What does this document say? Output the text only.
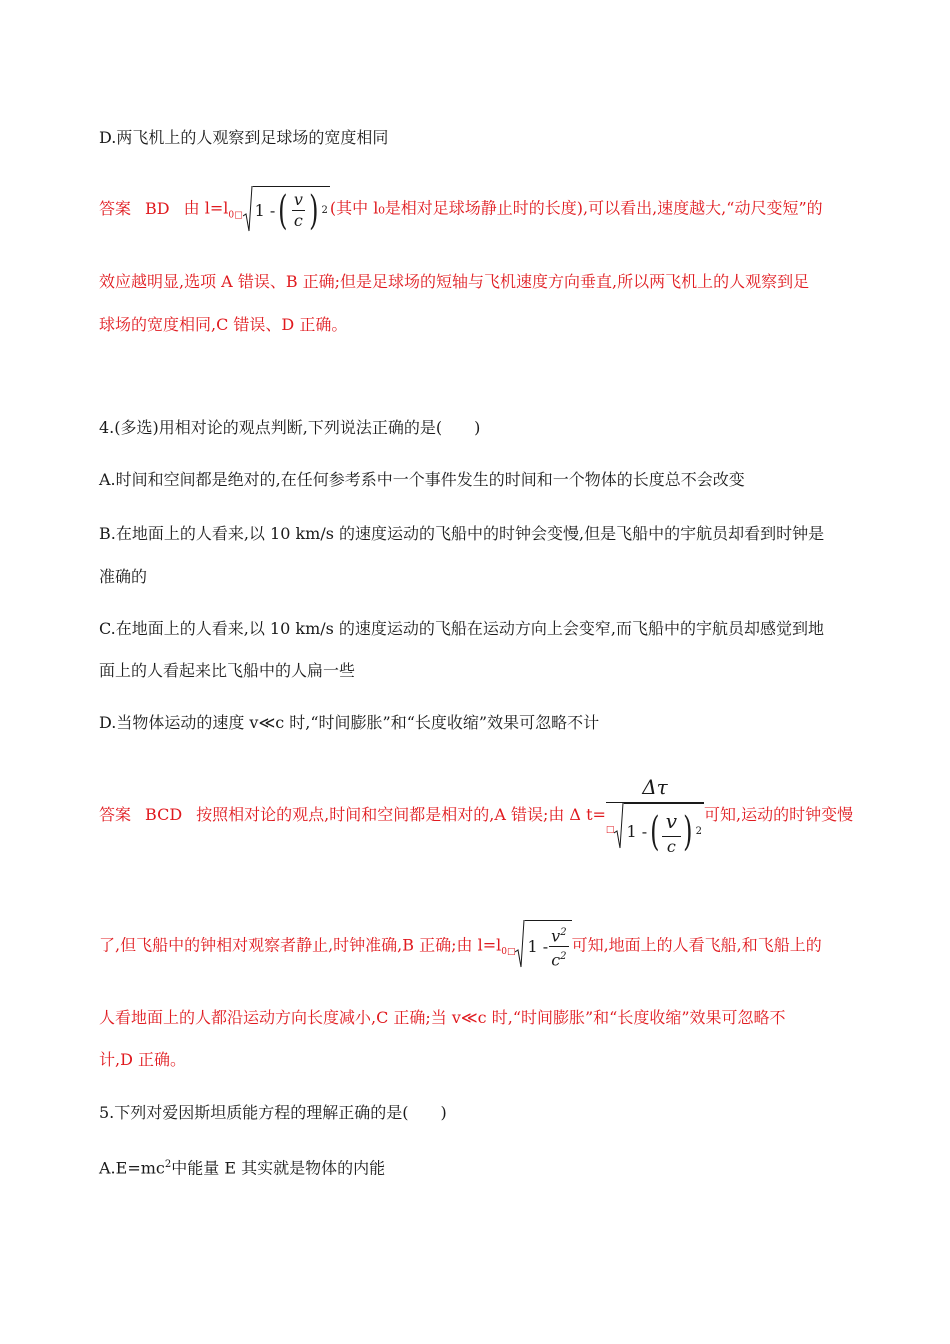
D.两飞机上的人观察到足球场的宽度相同
答案 BD 由 $l=l_{0□}$ 1 - ( $\frac{v}{c}$ ) 2 (其中 l₀是相对足球场静止时的长度),可以看出,速度越大,“动尺变短”的
效应越明显,选项 A 错误、B 正确;但是足球场的短轴与飞机速度方向垂直,所以两飞机上的人观察到足
球场的宽度相同,C 错误、D 正确。
4.(多选)用相对论的观点判断,下列说法正确的是(　　)
A.时间和空间都是绝对的,在任何参考系中一个事件发生的时间和一个物体的长度总不会改变
B.在地面上的人看来,以 10 km/s 的速度运动的飞船中的时钟会变慢,但是飞船中的宇航员却看到时钟是
准确的
C.在地面上的人看来,以 10 km/s 的速度运动的飞船在运动方向上会变窄,而飞船中的宇航员却感觉到地
面上的人看起来比飞船中的人扁一些
D.当物体运动的速度 v≪c 时,“时间膨胀”和“长度收缩”效果可忽略不计
答案 BCD 按照相对论的观点,时间和空间都是相对的,A 错误;由 Δ $t= \frac{\Delta\tau}{□ 1 - ( \frac{v}{c} ) 2}$ 可知,运动的时钟变慢
了,但飞船中的钟相对观察者静止,时钟准确,B 正确;由 $l=l_{0□}$ $1 - \frac{v^2}{c^2}$ 可知,地面上的人看飞船,和飞船上的
人看地面上的人都沿运动方向长度减小,C 正确;当 v≪c 时,“时间膨胀”和“长度收缩”效果可忽略不
计,D 正确。
5.下列对爱因斯坦质能方程的理解正确的是(　　)
$A.E=mc^2$中能量 E 其实就是物体的内能
